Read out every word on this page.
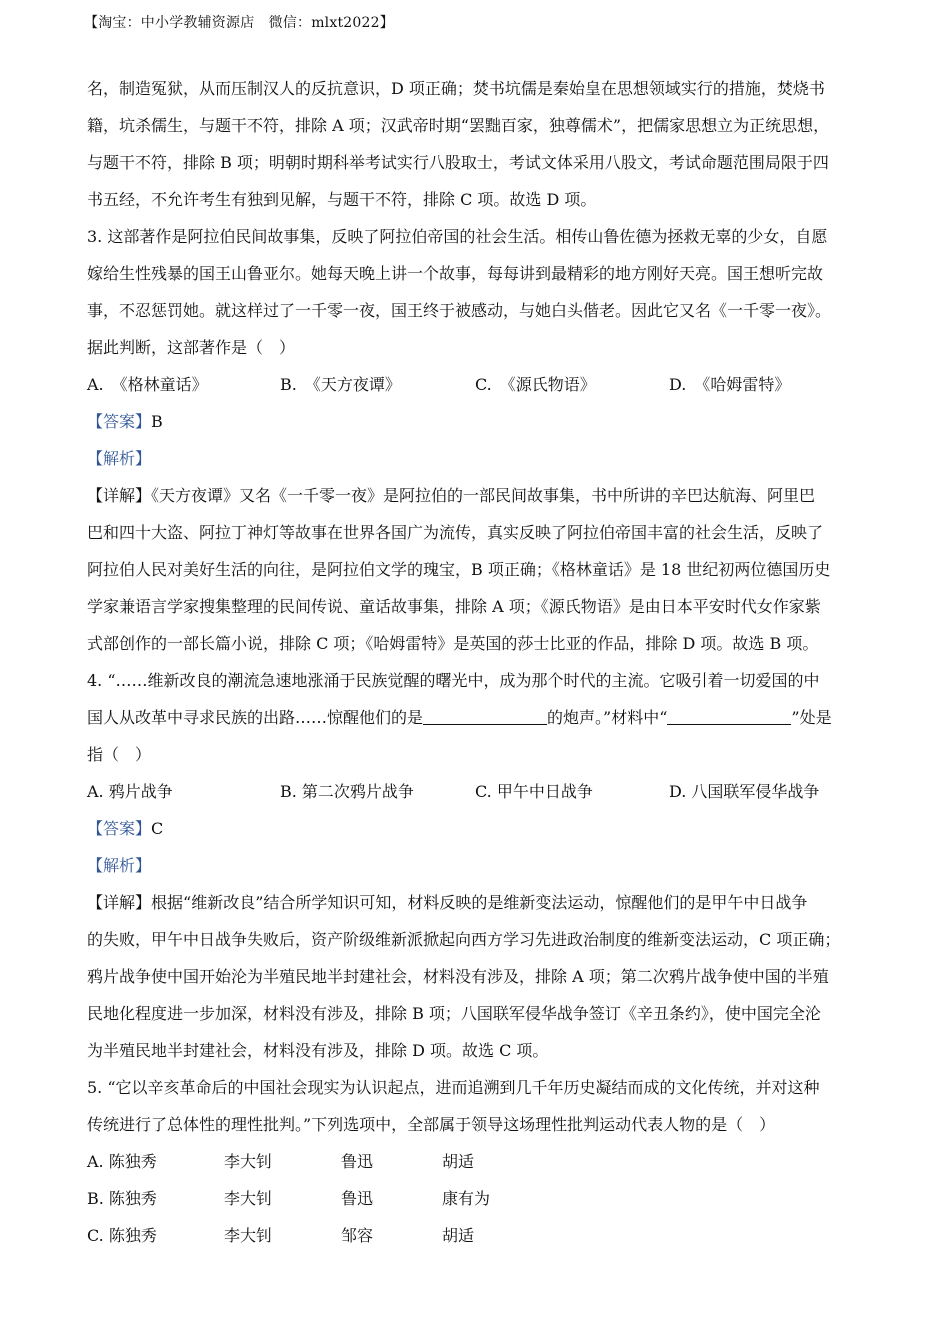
【淘宝：中小学教辅资源店　微信：mlxt2022】
名，制造冤狱，从而压制汉人的反抗意识，D 项正确；焚书坑儒是秦始皇在思想领域实行的措施，焚烧书
籍，坑杀儒生，与题干不符，排除 A 项；汉武帝时期“罢黜百家，独尊儒术”，把儒家思想立为正统思想，
与题干不符，排除 B 项；明朝时期科举考试实行八股取士，考试文体采用八股文，考试命题范围局限于四
书五经，不允许考生有独到见解，与题干不符，排除 C 项。故选 D 项。
3. 这部著作是阿拉伯民间故事集，反映了阿拉伯帝国的社会生活。相传山鲁佐德为拯救无辜的少女，自愿
嫁给生性残暴的国王山鲁亚尔。她每天晚上讲一个故事，每每讲到最精彩的地方刚好天亮。国王想听完故
事，不忍惩罚她。就这样过了一千零一夜，国王终于被感动，与她白头偕老。因此它又名《一千零一夜》。
据此判断，这部著作是（　）
A.　《格林童话》	B.　《天方夜谭》	C.　《源氏物语》	D.　《哈姆雷特》
【答案】B
【解析】
【详解】《天方夜谭》又名《一千零一夜》是阿拉伯的一部民间故事集，书中所讲的辛巴达航海、阿里巴
巴和四十大盗、阿拉丁神灯等故事在世界各国广为流传，真实反映了阿拉伯帝国丰富的社会生活，反映了
阿拉伯人民对美好生活的向往，是阿拉伯文学的瑰宝，B 项正确；《格林童话》是 18 世纪初两位德国历史
学家兼语言学家搜集整理的民间传说、童话故事集，排除 A 项；《源氏物语》是由日本平安时代女作家紫
式部创作的一部长篇小说，排除 C 项；《哈姆雷特》是英国的莎士比亚的作品，排除 D 项。故选 B 项。
4. “……维新改良的潮流急速地涨涌于民族觉醒的曙光中，成为那个时代的主流。它吸引着一切爱国的中
国人从改革中寻求民族的出路……惊醒他们的是	的炮声。”材料中“	”处是
指（　）
A. 鸦片战争	B. 第二次鸦片战争	C. 甲午中日战争	D. 八国联军侵华战争
【答案】C
【解析】
【详解】根据“维新改良”结合所学知识可知，材料反映的是维新变法运动，惊醒他们的是甲午中日战争
的失败，甲午中日战争失败后，资产阶级维新派掀起向西方学习先进政治制度的维新变法运动，C 项正确；
鸦片战争使中国开始沦为半殖民地半封建社会，材料没有涉及，排除 A 项；第二次鸦片战争使中国的半殖
民地化程度进一步加深，材料没有涉及，排除 B 项；八国联军侵华战争签订《辛丑条约》，使中国完全沦
为半殖民地半封建社会，材料没有涉及，排除 D 项。故选 C 项。
5. “它以辛亥革命后的中国社会现实为认识起点，进而追溯到几千年历史凝结而成的文化传统，并对这种
传统进行了总体性的理性批判。”下列选项中，全部属于领导这场理性批判运动代表人物的是（　）
A. 陈独秀	李大钊	鲁迅	胡适
B. 陈独秀	李大钊	鲁迅	康有为
C. 陈独秀	李大钊	邹容	胡适
